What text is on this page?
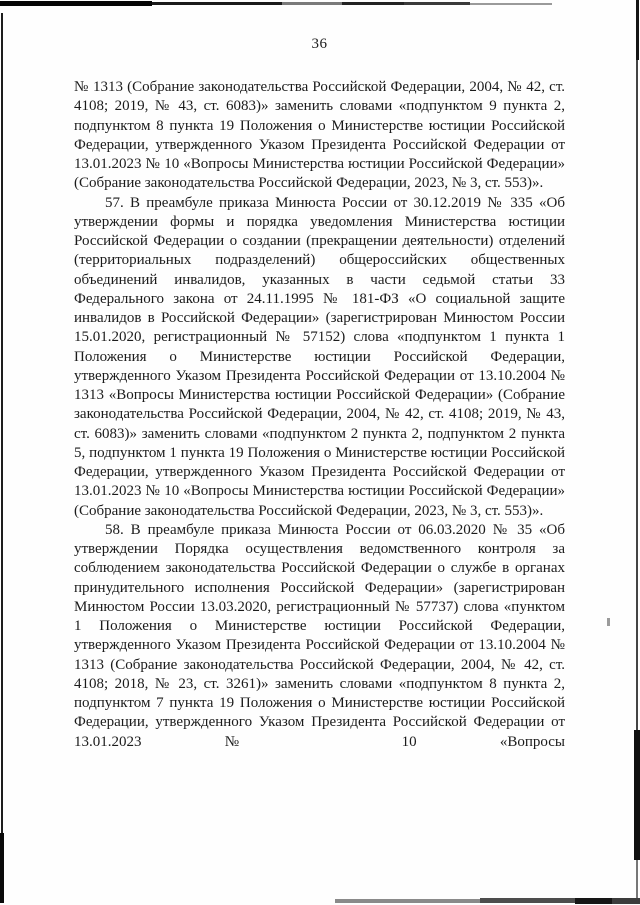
36

№ 1313 (Собрание законодательства Российской Федерации, 2004, № 42, ст. 4108; 2019, № 43, ст. 6083)» заменить словами «подпунктом 9 пункта 2, подпунктом 8 пункта 19 Положения о Министерстве юстиции Российской Федерации, утвержденного Указом Президента Российской Федерации от 13.01.2023 № 10 «Вопросы Министерства юстиции Российской Федерации» (Собрание законодательства Российской Федерации, 2023, № 3, ст. 553)».

57. В преамбуле приказа Минюста России от 30.12.2019 № 335 «Об утверждении формы и порядка уведомления Министерства юстиции Российской Федерации о создании (прекращении деятельности) отделений (территориальных подразделений) общероссийских общественных объединений инвалидов, указанных в части седьмой статьи 33 Федерального закона от 24.11.1995 № 181-ФЗ «О социальной защите инвалидов в Российской Федерации» (зарегистрирован Минюстом России 15.01.2020, регистрационный № 57152) слова «подпунктом 1 пункта 1 Положения о Министерстве юстиции Российской Федерации, утвержденного Указом Президента Российской Федерации от 13.10.2004 № 1313 «Вопросы Министерства юстиции Российской Федерации» (Собрание законодательства Российской Федерации, 2004, № 42, ст. 4108; 2019, № 43, ст. 6083)» заменить словами «подпунктом 2 пункта 2, подпунктом 2 пункта 5, подпунктом 1 пункта 19 Положения о Министерстве юстиции Российской Федерации, утвержденного Указом Президента Российской Федерации от 13.01.2023 № 10 «Вопросы Министерства юстиции Российской Федерации» (Собрание законодательства Российской Федерации, 2023, № 3, ст. 553)».

58. В преамбуле приказа Минюста России от 06.03.2020 № 35 «Об утверждении Порядка осуществления ведомственного контроля за соблюдением законодательства Российской Федерации о службе в органах принудительного исполнения Российской Федерации» (зарегистрирован Минюстом России 13.03.2020, регистрационный № 57737) слова «пунктом 1 Положения о Министерстве юстиции Российской Федерации, утвержденного Указом Президента Российской Федерации от 13.10.2004 № 1313 (Собрание законодательства Российской Федерации, 2004, № 42, ст. 4108; 2018, № 23, ст. 3261)» заменить словами «подпунктом 8 пункта 2, подпунктом 7 пункта 19 Положения о Министерстве юстиции Российской Федерации, утвержденного Указом Президента Российской Федерации от 13.01.2023 № 10 «Вопросы
